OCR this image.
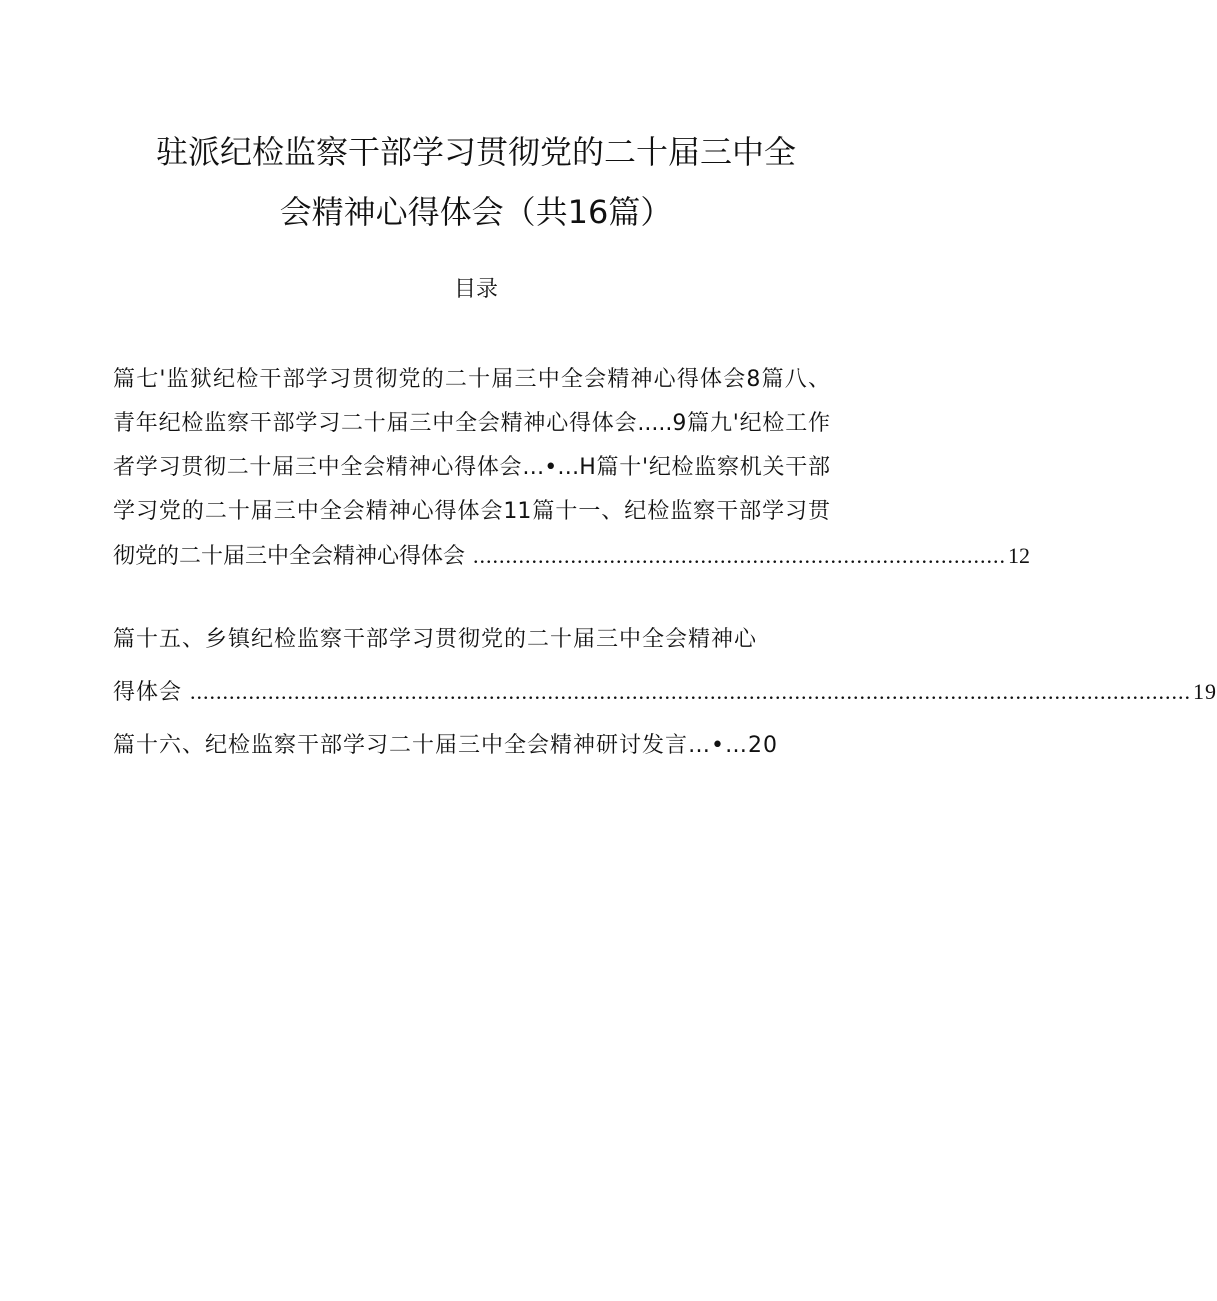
驻派纪检监察干部学习贯彻党的二十届三中全
会精神心得体会（共16篇）
目录
篇七'监狱纪检干部学习贯彻党的二十届三中全会精神心得体会8篇八、
青年纪检监察干部学习二十届三中全会精神心得体会.....9篇九'纪检工作
者学习贯彻二十届三中全会精神心得体会…•…H篇十'纪检监察机关干部
学习党的二十届三中全会精神心得体会11篇十一、纪检监察干部学习贯
彻党的二十届三中全会精神心得体会 .................................................................................. 12
篇十五、乡镇纪检监察干部学习贯彻党的二十届三中全会精神心
得体会 .......................................................................................................................................................... 19
篇十六、纪检监察干部学习二十届三中全会精神研讨发言…•…20
